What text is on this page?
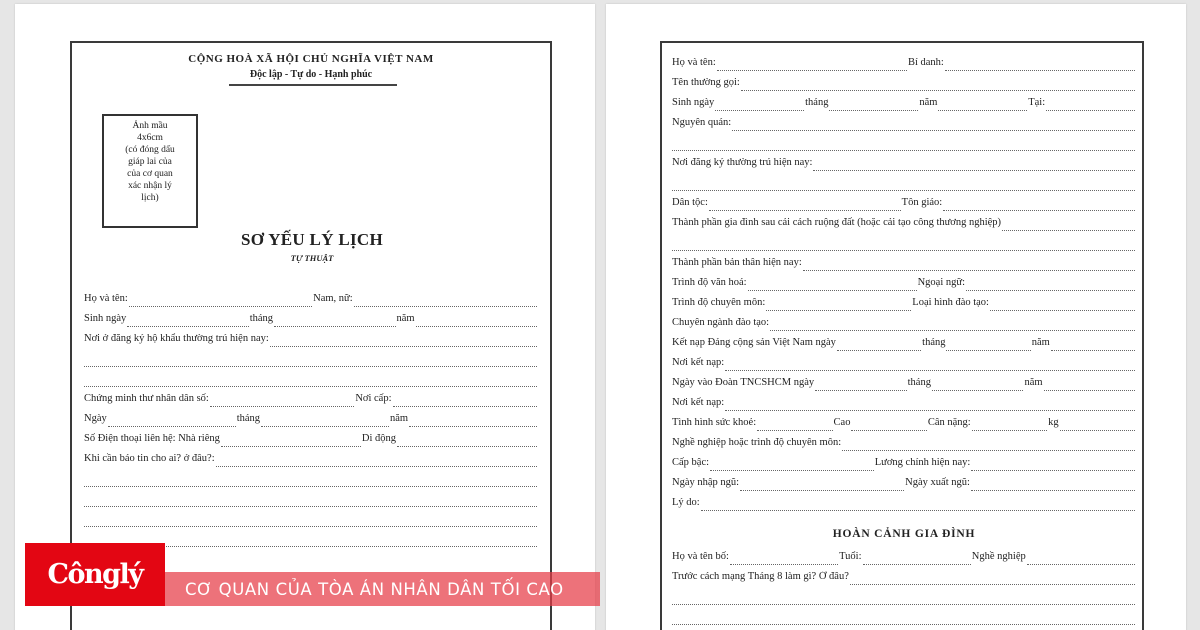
CỘNG HOÀ XÃ HỘI CHỦ NGHĨA VIỆT NAM
Độc lập - Tự do - Hạnh phúc
Ảnh mầu
4x6cm
(có đóng dấu
giáp lai của
của cơ quan
xác nhận lý
lịch)
SƠ YẾU LÝ LỊCH
TỰ THUẬT
Họ và tên:	Nam, nữ:
Sinh ngày	tháng	năm
Nơi ở đăng ký hộ khẩu thường trú hiện nay:
Chứng minh thư nhân dân số:	Nơi cấp:
Ngày	tháng	năm
Số Điện thoại liên hệ: Nhà riêng	Di động
Khi cần báo tin cho ai? ở đâu?:
Họ và tên:	Bí danh:
Tên thường gọi:
Sinh ngày	tháng	năm	Tại:
Nguyên quán:
Nơi đăng ký thường trú hiện nay:
Dân tộc:	Tôn giáo:
Thành phần gia đình sau cải cách ruộng đất (hoặc cải tạo công thương nghiệp)
Thành phần bản thân hiện nay:
Trình độ văn hoá:	Ngoại ngữ:
Trình độ chuyên môn:	Loại hình đào tạo:
Chuyên ngành đào tạo:
Kết nạp Đảng cộng sản Việt Nam ngày	tháng	năm
Nơi kết nạp:
Ngày vào Đoàn TNCSHCM ngày	tháng	năm
Nơi kết nạp:
Tình hình sức khoẻ:	Cao	Cân nặng:	kg
Nghề nghiệp hoặc trình độ chuyên môn:
Cấp bậc:	Lương chính hiện nay:
Ngày nhập ngũ:	Ngày xuất ngũ:
Lý do:
HOÀN CẢNH GIA ĐÌNH
Họ và tên bố:	Tuổi:	Nghề nghiệp
Trước cách mạng Tháng 8 làm gì? Ở đâu?
Cônglý	CƠ QUAN CỦA TÒA ÁN NHÂN DÂN TỐI CAO
